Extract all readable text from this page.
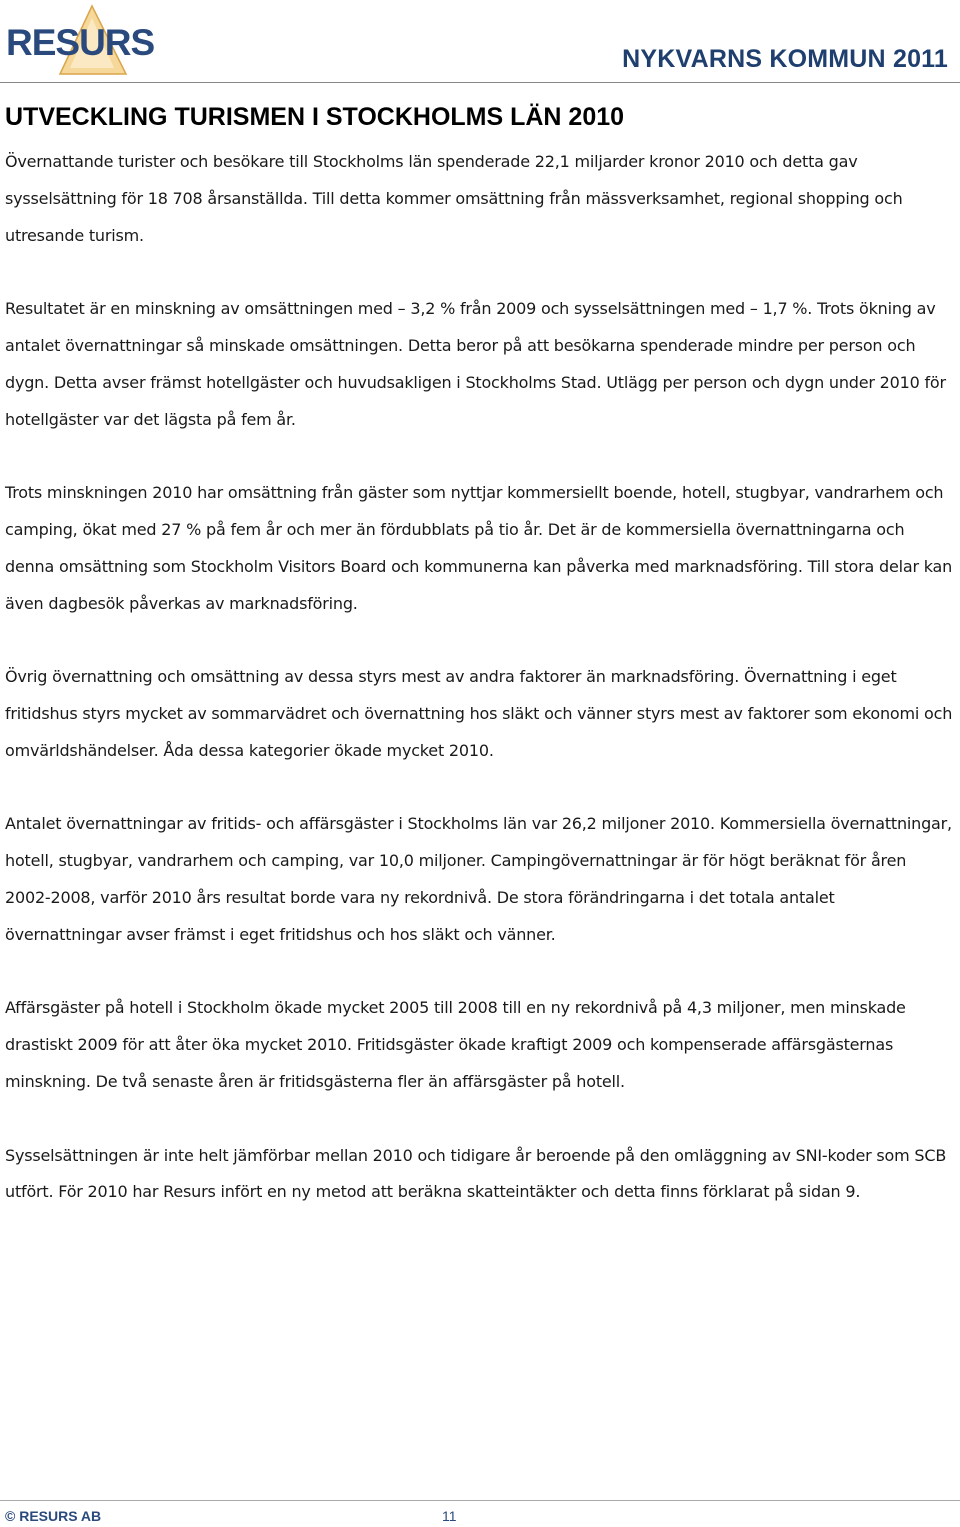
RESURS	NYKVARNS KOMMUN 2011
UTVECKLING TURISMEN I STOCKHOLMS LÄN 2010

Övernattande turister och besökare till Stockholms län spenderade 22,1 miljarder kronor 2010 och detta gav sysselsättning för 18 708 årsanställda. Till detta kommer omsättning från mässverksamhet, regional shopping och utresande turism.

Resultatet är en minskning av omsättningen med – 3,2 % från 2009 och sysselsättningen med – 1,7 %. Trots ökning av antalet övernattningar så minskade omsättningen. Detta beror på att besökarna spenderade mindre per person och dygn. Detta avser främst hotellgäster och huvudsakligen i Stockholms Stad. Utlägg per person och dygn under 2010 för hotellgäster var det lägsta på fem år.

Trots minskningen 2010 har omsättning från gäster som nyttjar kommersiellt boende, hotell, stugbyar, vandrarhem och camping, ökat med 27 % på fem år och mer än fördubblats på tio år. Det är de kommersiella övernattningarna och denna omsättning som Stockholm Visitors Board och kommunerna kan påverka med marknadsföring. Till stora delar kan även dagbesök påverkas av marknadsföring.

Övrig övernattning och omsättning av dessa styrs mest av andra faktorer än marknadsföring. Övernattning i eget fritidshus styrs mycket av sommarvädret och övernattning hos släkt och vänner styrs mest av faktorer som ekonomi och omvärldshändelser. Åda dessa kategorier ökade mycket 2010.

Antalet övernattningar av fritids- och affärsgäster i Stockholms län var 26,2 miljoner 2010. Kommersiella övernattningar, hotell, stugbyar, vandrarhem och camping, var 10,0 miljoner. Campingövernattningar är för högt beräknat för åren 2002-2008, varför 2010 års resultat borde vara ny rekordnivå. De stora förändringarna i det totala antalet övernattningar avser främst i eget fritidshus och hos släkt och vänner.

Affärsgäster på hotell i Stockholm ökade mycket 2005 till 2008 till en ny rekordnivå på 4,3 miljoner, men minskade drastiskt 2009 för att åter öka mycket 2010. Fritidsgäster ökade kraftigt 2009 och kompenserade affärsgästernas minskning. De två senaste åren är fritidsgästerna fler än affärsgäster på hotell.

Sysselsättningen är inte helt jämförbar mellan 2010 och tidigare år beroende på den omläggning av SNI-koder som SCB utfört. För 2010 har Resurs infört en ny metod att beräkna skatteintäkter och detta finns förklarat på sidan 9.

© RESURS AB	11
